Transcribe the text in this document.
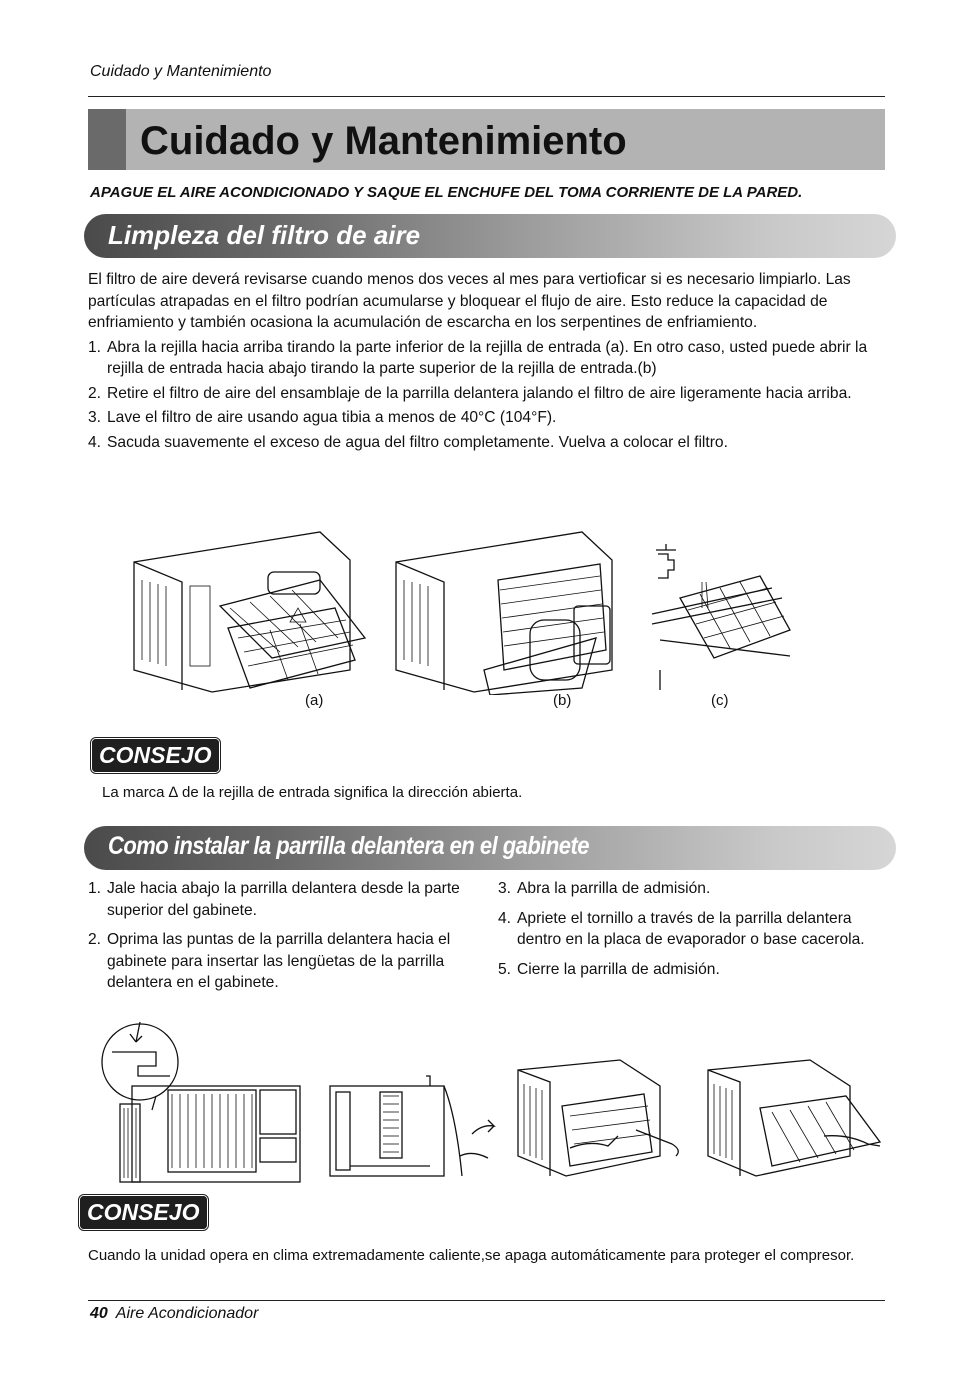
Cuidado y Mantenimiento
Cuidado y Mantenimiento
APAGUE EL AIRE ACONDICIONADO Y SAQUE EL ENCHUFE DEL TOMA CORRIENTE DE LA PARED.
Limpleza del filtro de aire
El filtro de aire deverá revisarse cuando menos dos veces al mes para vertioficar si es necesario limpiarlo. Las partículas atrapadas en el filtro podrían acumularse y bloquear el flujo de aire. Esto reduce la capacidad de enfriamiento y también ocasiona la acumulación de escarcha en los serpentines de enfriamiento.
1. Abra la rejilla hacia arriba tirando la parte inferior de la rejilla de entrada (a). En otro caso, usted puede abrir la rejilla de entrada hacia abajo tirando la parte superior de la rejilla de entrada.(b)
2. Retire el filtro de aire del ensamblaje de la parrilla delantera jalando el filtro de aire ligeramente hacia arriba.
3. Lave el filtro de aire usando agua tibia a menos de 40°C (104°F).
4. Sacuda suavemente el exceso de agua del filtro completamente. Vuelva a colocar el filtro.
(a)	(b)	(c)
CONSEJO
La marca ∆ de la rejilla de entrada significa la dirección abierta.
Como instalar la parrilla delantera en el gabinete
1. Jale hacia abajo la parrilla delantera desde la parte superior del gabinete.
2. Oprima las puntas de la parrilla delantera hacia el gabinete para insertar las lengüetas de la parrilla delantera en el gabinete.
3. Abra la parrilla de admisión.
4. Apriete el tornillo a través de la parrilla delantera dentro en la placa de evaporador o base cacerola.
5. Cierre la parrilla de admisión.
CONSEJO
Cuando la unidad opera en clima extremadamente caliente,se apaga automáticamente para proteger el compresor.
40 Aire Acondicionador
